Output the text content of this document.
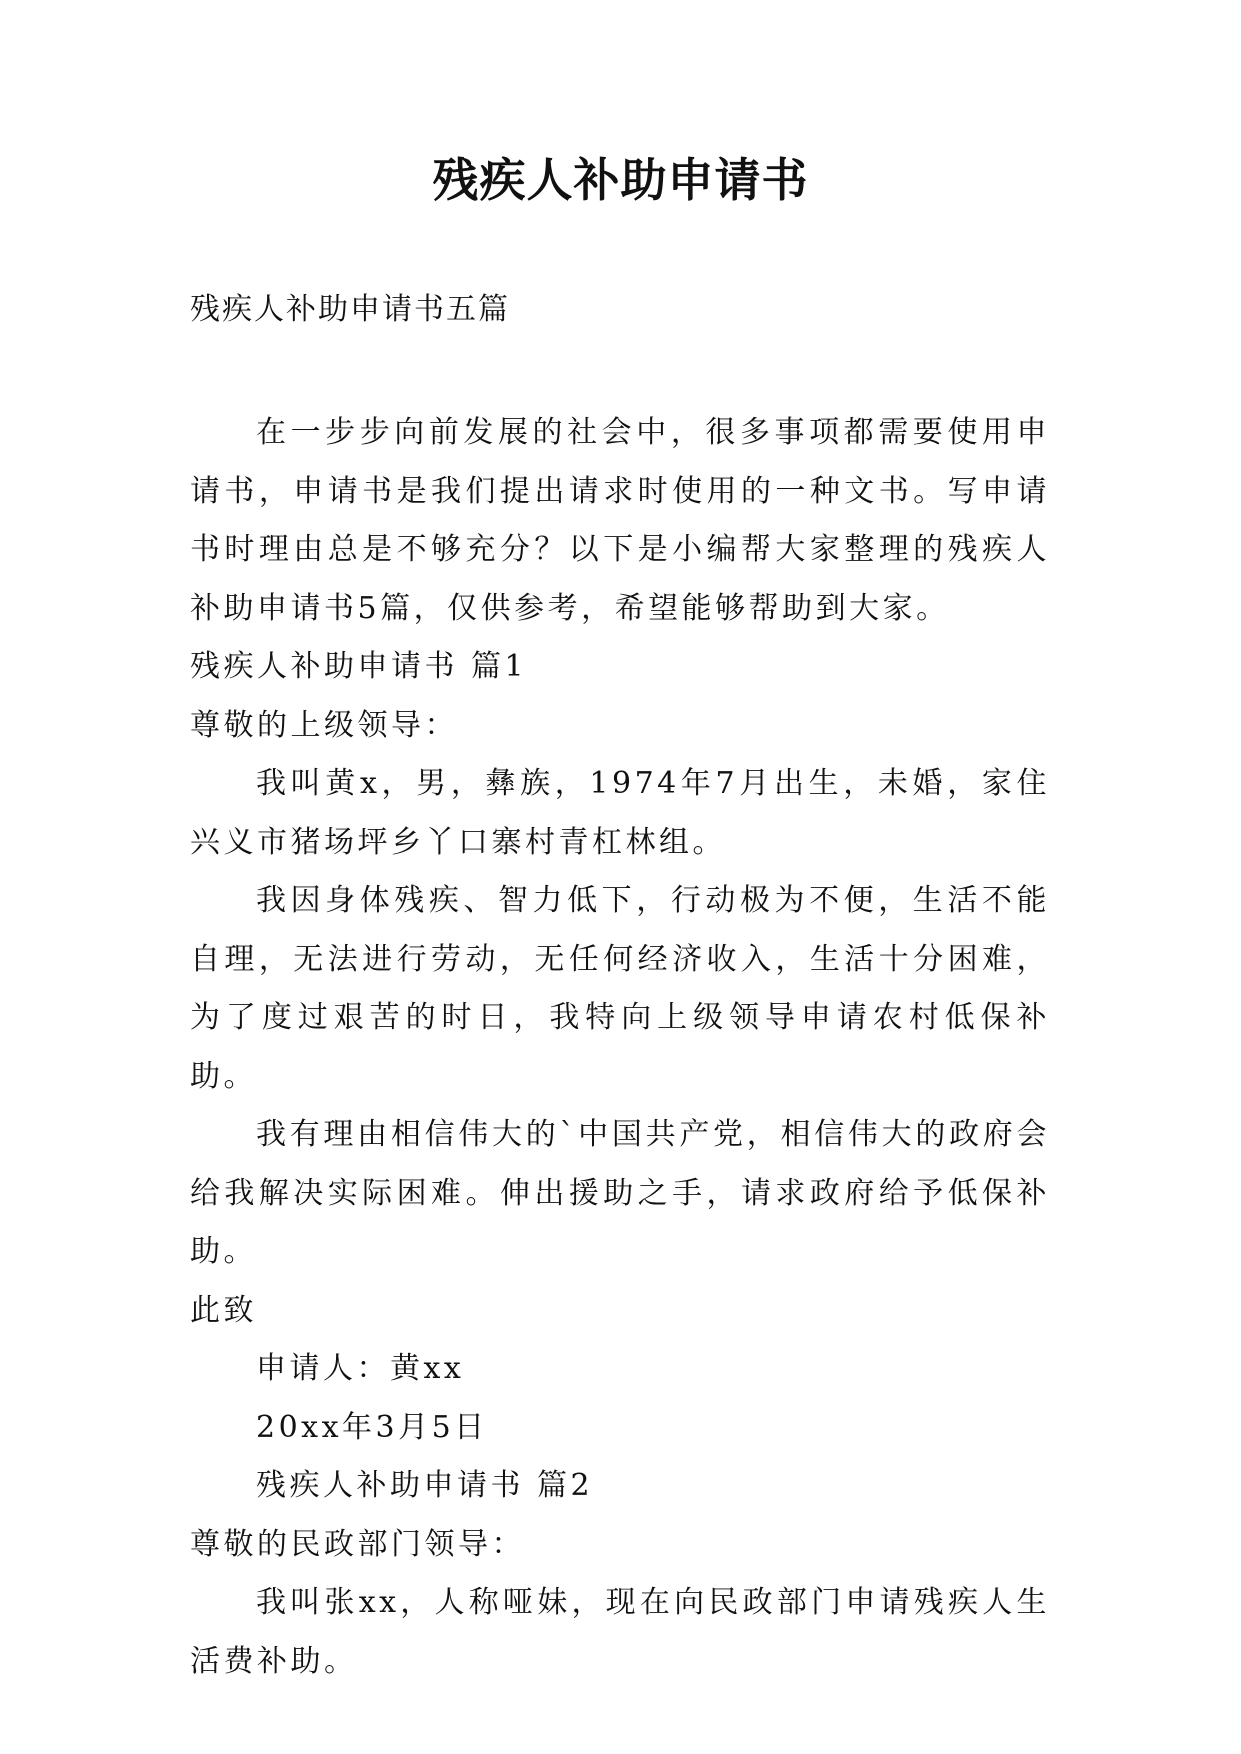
残疾人补助申请书
残疾人补助申请书五篇

在一步步向前发展的社会中，很多事项都需要使用申请书，申请书是我们提出请求时使用的一种文书。写申请书时理由总是不够充分？以下是小编帮大家整理的残疾人补助申请书5篇，仅供参考，希望能够帮助到大家。

残疾人补助申请书 篇1

尊敬的上级领导：

我叫黄x，男，彝族，1974年7月出生，未婚，家住兴义市猪场坪乡丫口寨村青杠林组。

我因身体残疾、智力低下，行动极为不便，生活不能自理，无法进行劳动，无任何经济收入，生活十分困难，为了度过艰苦的时日，我特向上级领导申请农村低保补助。

我有理由相信伟大的`中国共产党，相信伟大的政府会给我解决实际困难。伸出援助之手，请求政府给予低保补助。

此致

申请人：黄xx

20xx年3月5日

残疾人补助申请书 篇2

尊敬的民政部门领导：

我叫张xx，人称哑妹，现在向民政部门申请残疾人生活费补助。
